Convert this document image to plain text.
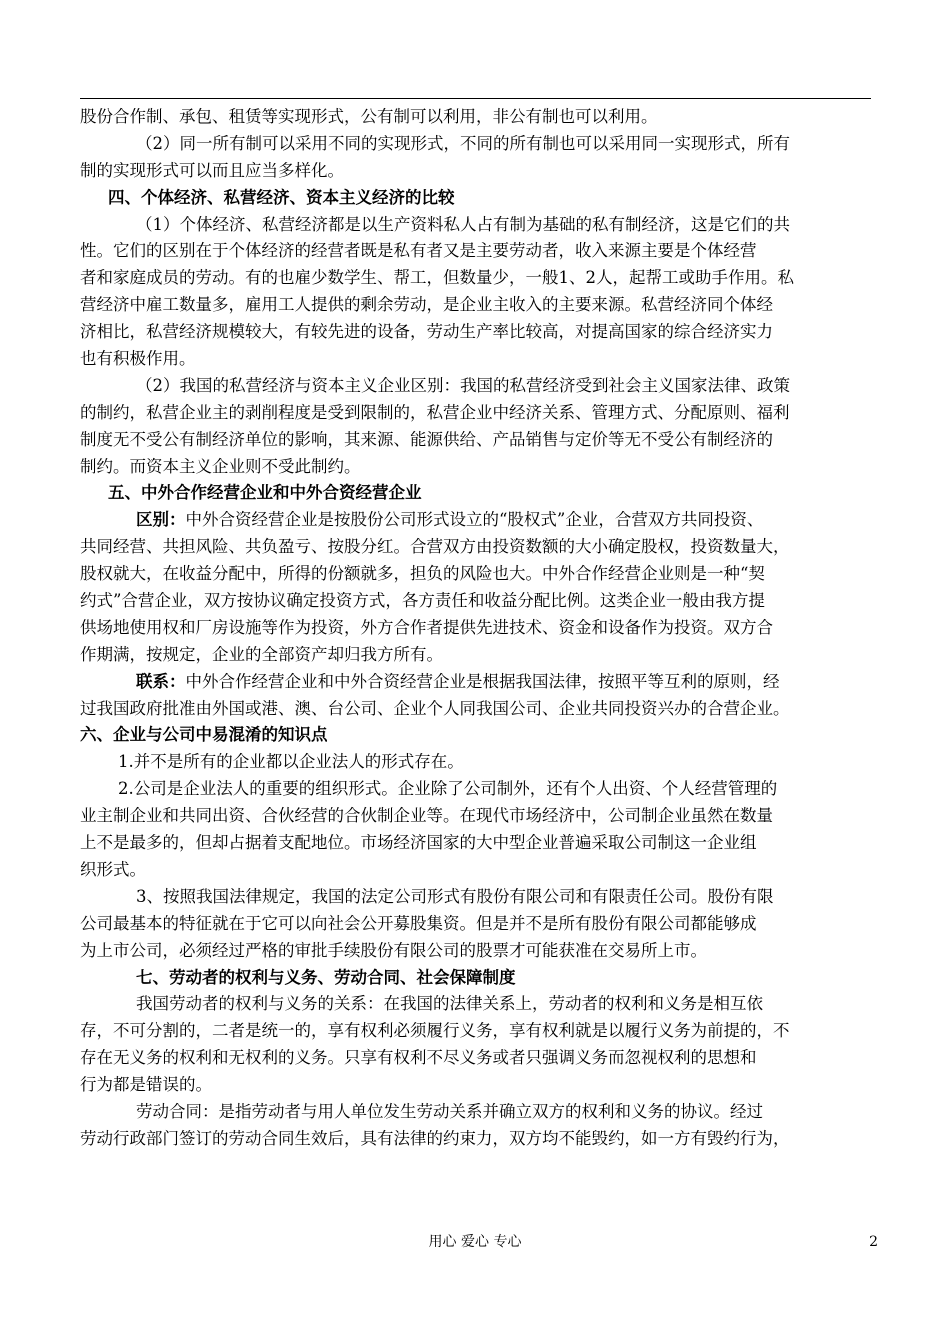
股份合作制、承包、租赁等实现形式，公有制可以利用，非公有制也可以利用。
（2）同一所有制可以采用不同的实现形式，不同的所有制也可以采用同一实现形式，所有
制的实现形式可以而且应当多样化。
四、个体经济、私营经济、资本主义经济的比较
（1）个体经济、私营经济都是以生产资料私人占有制为基础的私有制经济，这是它们的共
性。它们的区别在于个体经济的经营者既是私有者又是主要劳动者，收入来源主要是个体经营
者和家庭成员的劳动。有的也雇少数学生、帮工，但数量少，一般1、2人，起帮工或助手作用。私
营经济中雇工数量多，雇用工人提供的剩余劳动，是企业主收入的主要来源。私营经济同个体经
济相比，私营经济规模较大，有较先进的设备，劳动生产率比较高，对提高国家的综合经济实力
也有积极作用。
（2）我国的私营经济与资本主义企业区别：我国的私营经济受到社会主义国家法律、政策
的制约，私营企业主的剥削程度是受到限制的，私营企业中经济关系、管理方式、分配原则、福利
制度无不受公有制经济单位的影响，其来源、能源供给、产品销售与定价等无不受公有制经济的
制约。而资本主义企业则不受此制约。
五、中外合作经营企业和中外合资经营企业
区别：中外合资经营企业是按股份公司形式设立的“股权式”企业，合营双方共同投资、
共同经营、共担风险、共负盈亏、按股分红。合营双方由投资数额的大小确定股权，投资数量大，
股权就大，在收益分配中，所得的份额就多，担负的风险也大。中外合作经营企业则是一种“契
约式”合营企业，双方按协议确定投资方式，各方责任和收益分配比例。这类企业一般由我方提
供场地使用权和厂房设施等作为投资，外方合作者提供先进技术、资金和设备作为投资。双方合
作期满，按规定，企业的全部资产却归我方所有。
联系：中外合作经营企业和中外合资经营企业是根据我国法律，按照平等互利的原则，经
过我国政府批准由外国或港、澳、台公司、企业个人同我国公司、企业共同投资兴办的合营企业。
六、企业与公司中易混淆的知识点
1.并不是所有的企业都以企业法人的形式存在。
2.公司是企业法人的重要的组织形式。企业除了公司制外，还有个人出资、个人经营管理的
业主制企业和共同出资、合伙经营的合伙制企业等。在现代市场经济中，公司制企业虽然在数量
上不是最多的，但却占据着支配地位。市场经济国家的大中型企业普遍采取公司制这一企业组
织形式。
3、按照我国法律规定，我国的法定公司形式有股份有限公司和有限责任公司。股份有限
公司最基本的特征就在于它可以向社会公开募股集资。但是并不是所有股份有限公司都能够成
为上市公司，必须经过严格的审批手续股份有限公司的股票才可能获准在交易所上市。
七、劳动者的权利与义务、劳动合同、社会保障制度
我国劳动者的权利与义务的关系：在我国的法律关系上，劳动者的权利和义务是相互依
存，不可分割的，二者是统一的，享有权利必须履行义务，享有权利就是以履行义务为前提的，不
存在无义务的权利和无权利的义务。只享有权利不尽义务或者只强调义务而忽视权利的思想和
行为都是错误的。
劳动合同：是指劳动者与用人单位发生劳动关系并确立双方的权利和义务的协议。经过
劳动行政部门签订的劳动合同生效后，具有法律的约束力，双方均不能毁约，如一方有毁约行为，
用心 爱心 专心	2
